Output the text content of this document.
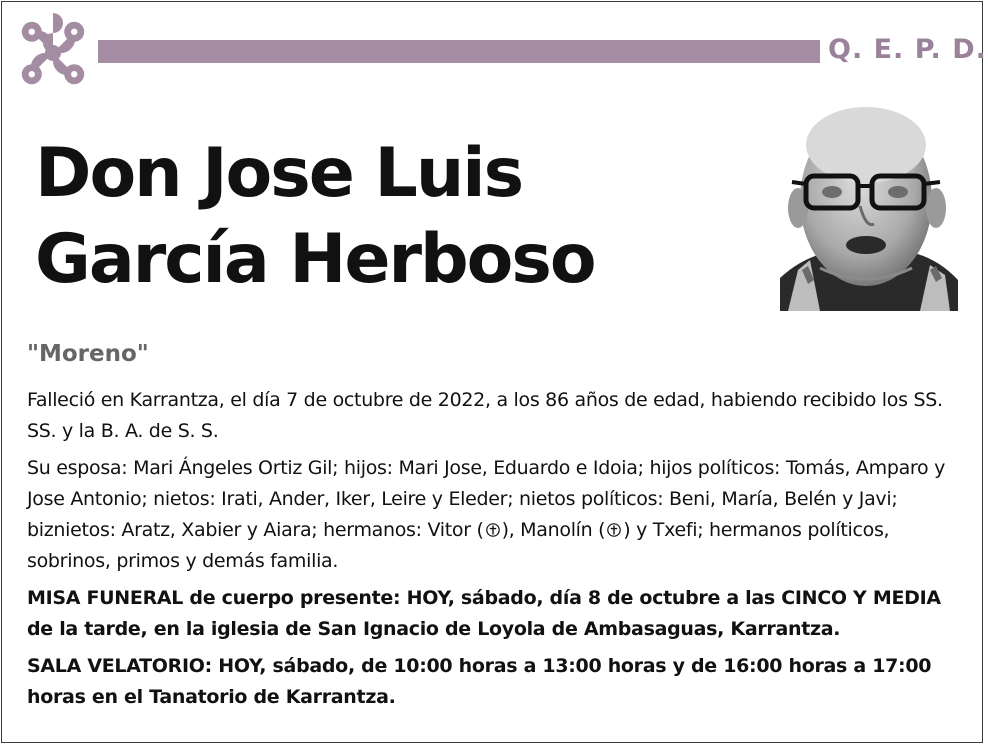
Q. E. P. D.
Don Jose Luis
García Herboso
"Moreno"

Falleció en Karrantza, el día 7 de octubre de 2022, a los 86 años de edad, habiendo recibido los SS. SS. y la B. A. de S. S.

Su esposa: Mari Ángeles Ortiz Gil; hijos: Mari Jose, Eduardo e Idoia; hijos políticos: Tomás, Amparo y Jose Antonio; nietos: Irati, Ander, Iker, Leire y Eleder; nietos políticos: Beni, María, Belén y Javi; biznietos: Aratz, Xabier y Aiara; hermanos: Vitor ( ), Manolín ( ) y Txefi; hermanos políticos, sobrinos, primos y demás familia.

MISA FUNERAL de cuerpo presente: HOY, sábado, día 8 de octubre a las CINCO Y MEDIA de la tarde, en la iglesia de San Ignacio de Loyola de Ambasaguas, Karrantza.

SALA VELATORIO: HOY, sábado, de 10:00 horas a 13:00 horas y de 16:00 horas a 17:00 horas en el Tanatorio de Karrantza.
